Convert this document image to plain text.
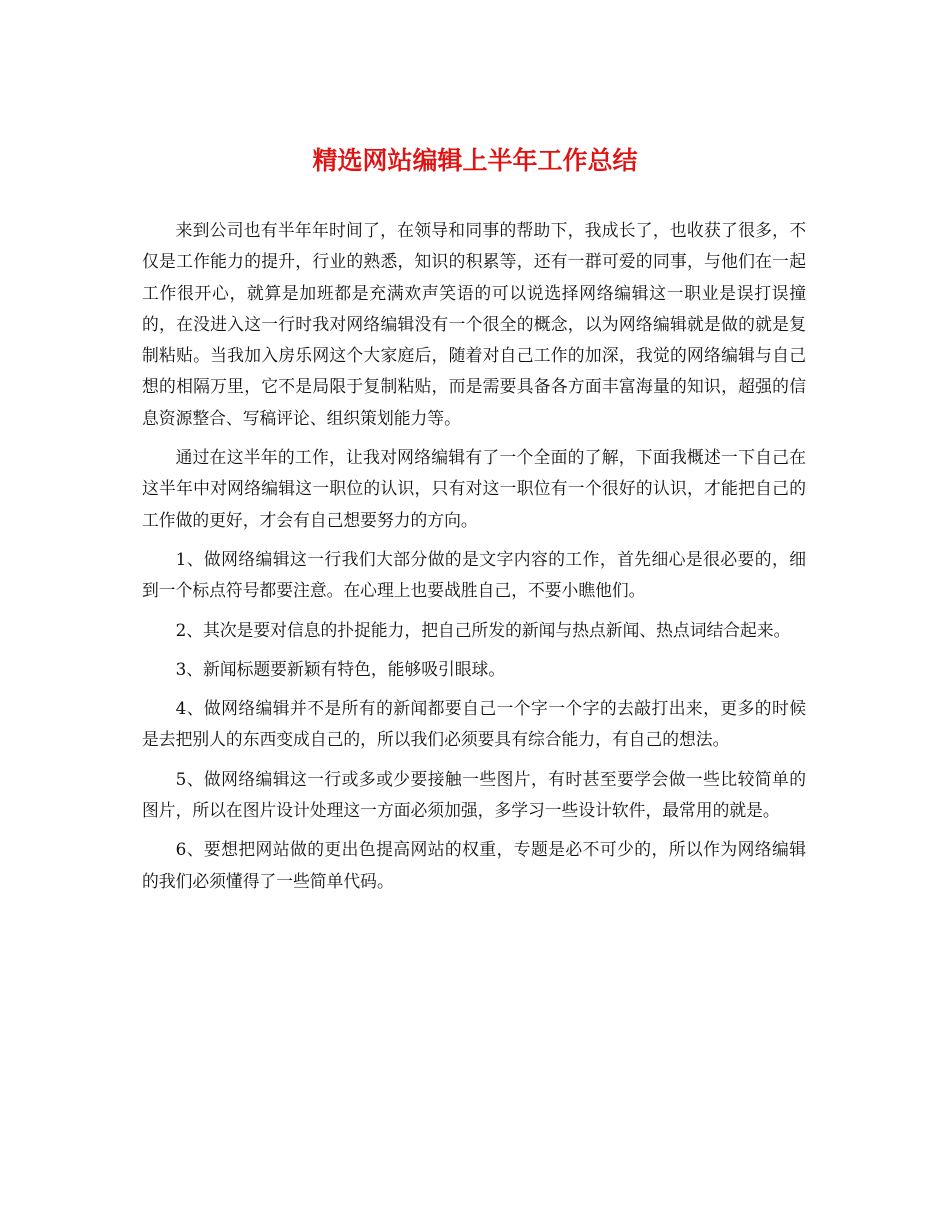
精选网站编辑上半年工作总结

来到公司也有半年年时间了，在领导和同事的帮助下，我成长了，也收获了很多，不仅是工作能力的提升，行业的熟悉，知识的积累等，还有一群可爱的同事，与他们在一起工作很开心，就算是加班都是充满欢声笑语的可以说选择网络编辑这一职业是误打误撞的，在没进入这一行时我对网络编辑没有一个很全的概念，以为网络编辑就是做的就是复制粘贴。当我加入房乐网这个大家庭后，随着对自己工作的加深，我觉的网络编辑与自己想的相隔万里，它不是局限于复制粘贴，而是需要具备各方面丰富海量的知识，超强的信息资源整合、写稿评论、组织策划能力等。

通过在这半年的工作，让我对网络编辑有了一个全面的了解，下面我概述一下自己在这半年中对网络编辑这一职位的认识，只有对这一职位有一个很好的认识，才能把自己的工作做的更好，才会有自己想要努力的方向。

1、做网络编辑这一行我们大部分做的是文字内容的工作，首先细心是很必要的，细到一个标点符号都要注意。在心理上也要战胜自己，不要小瞧他们。

2、其次是要对信息的扑捉能力，把自己所发的新闻与热点新闻、热点词结合起来。

3、新闻标题要新颖有特色，能够吸引眼球。

4、做网络编辑并不是所有的新闻都要自己一个字一个字的去敲打出来，更多的时候是去把别人的东西变成自己的，所以我们必须要具有综合能力，有自己的想法。

5、做网络编辑这一行或多或少要接触一些图片，有时甚至要学会做一些比较简单的图片，所以在图片设计处理这一方面必须加强，多学习一些设计软件，最常用的就是。

6、要想把网站做的更出色提高网站的权重，专题是必不可少的，所以作为网络编辑的我们必须懂得了一些简单代码。
